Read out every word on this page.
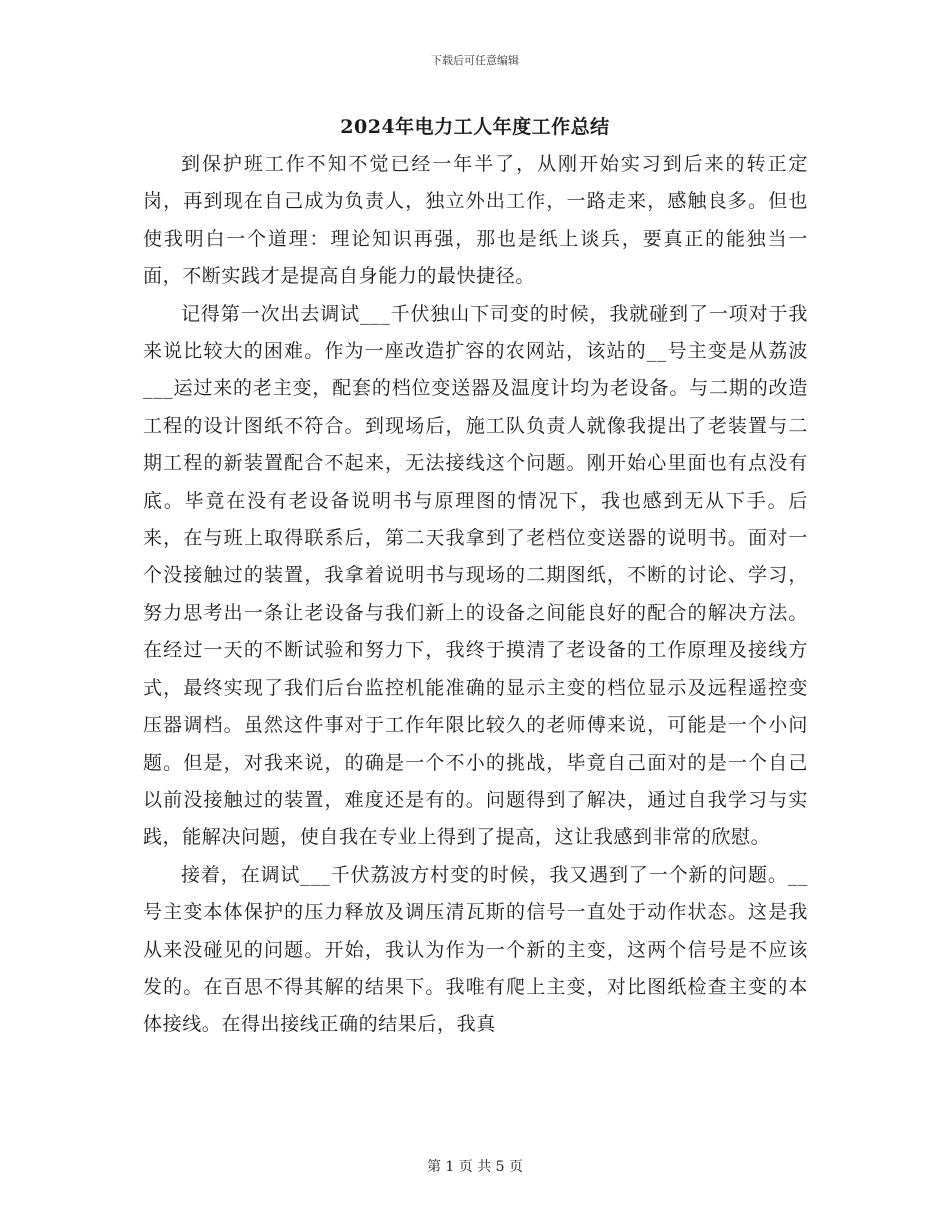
下载后可任意编辑
2024年电力工人年度工作总结

到保护班工作不知不觉已经一年半了，从刚开始实习到后来的转正定岗，再到现在自己成为负责人，独立外出工作，一路走来，感触良多。但也使我明白一个道理：理论知识再强，那也是纸上谈兵，要真正的能独当一面，不断实践才是提高自身能力的最快捷径。

记得第一次出去调试___千伏独山下司变的时候，我就碰到了一项对于我来说比较大的困难。作为一座改造扩容的农网站，该站的__号主变是从荔波___运过来的老主变，配套的档位变送器及温度计均为老设备。与二期的改造工程的设计图纸不符合。到现场后，施工队负责人就像我提出了老装置与二期工程的新装置配合不起来，无法接线这个问题。刚开始心里面也有点没有底。毕竟在没有老设备说明书与原理图的情况下，我也感到无从下手。后来，在与班上取得联系后，第二天我拿到了老档位变送器的说明书。面对一个没接触过的装置，我拿着说明书与现场的二期图纸，不断的讨论、学习，努力思考出一条让老设备与我们新上的设备之间能良好的配合的解决方法。在经过一天的不断试验和努力下，我终于摸清了老设备的工作原理及接线方式，最终实现了我们后台监控机能准确的显示主变的档位显示及远程遥控变压器调档。虽然这件事对于工作年限比较久的老师傅来说，可能是一个小问题。但是，对我来说，的确是一个不小的挑战，毕竟自己面对的是一个自己以前没接触过的装置，难度还是有的。问题得到了解决，通过自我学习与实践，能解决问题，使自我在专业上得到了提高，这让我感到非常的欣慰。

接着，在调试___千伏荔波方村变的时候，我又遇到了一个新的问题。__号主变本体保护的压力释放及调压清瓦斯的信号一直处于动作状态。这是我从来没碰见的问题。开始，我认为作为一个新的主变，这两个信号是不应该发的。在百思不得其解的结果下。我唯有爬上主变，对比图纸检查主变的本体接线。在得出接线正确的结果后，我真

第 1 页 共 5 页
